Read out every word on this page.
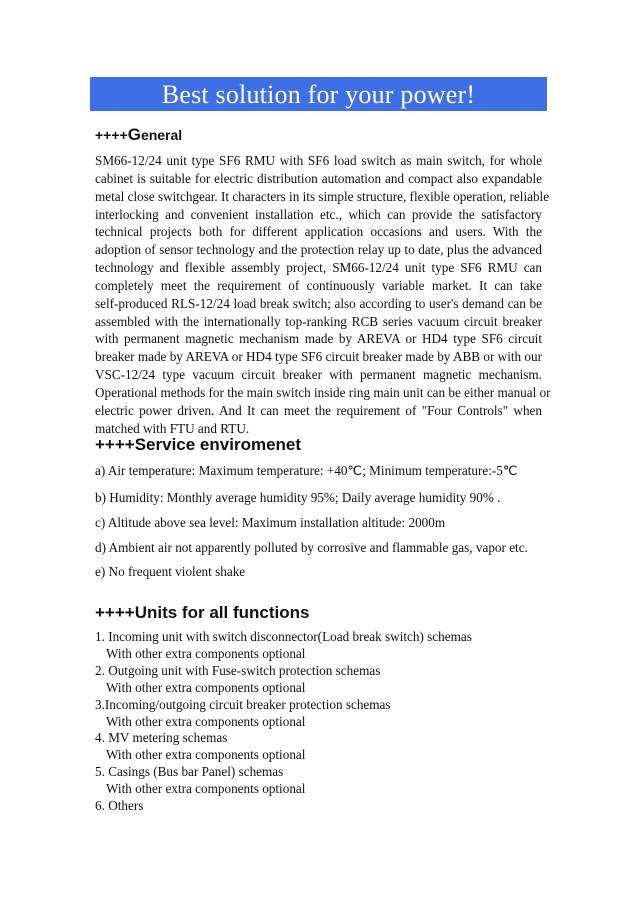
Best solution for your power!
++++General
SM66-12/24 unit type SF6 RMU with SF6 load switch as main switch, for whole
cabinet is suitable for electric distribution automation and compact also expandable
metal close switchgear. It characters in its simple structure, flexible operation, reliable
interlocking and convenient installation etc., which can provide the satisfactory
technical projects both for different application occasions and users. With the
adoption of sensor technology and the protection relay up to date, plus the advanced
technology and flexible assembly project, SM66-12/24 unit type SF6 RMU can
completely meet the requirement of continuously variable market. It can take
self-produced RLS-12/24 load break switch; also according to user's demand can be
assembled with the internationally top-ranking RCB series vacuum circuit breaker
with permanent magnetic mechanism made by AREVA or HD4 type SF6 circuit
breaker made by AREVA or HD4 type SF6 circuit breaker made by ABB or with our
VSC-12/24 type vacuum circuit breaker with permanent magnetic mechanism.
Operational methods for the main switch inside ring main unit can be either manual or
electric power driven. And It can meet the requirement of "Four Controls" when
matched with FTU and RTU.
++++Service enviromenet
a) Air temperature: Maximum temperature: +40℃; Minimum temperature:-5℃
b) Humidity: Monthly average humidity 95%; Daily average humidity 90% .
c) Altitude above sea level: Maximum installation altitude: 2000m
d) Ambient air not apparently polluted by corrosive and flammable gas, vapor etc.
e) No frequent violent shake
++++Units for all functions
1. Incoming unit with switch disconnector(Load break switch) schemas
With other extra components optional
2. Outgoing unit with Fuse-switch protection schemas
With other extra components optional
3.Incoming/outgoing circuit breaker protection schemas
With other extra components optional
4. MV metering schemas
With other extra components optional
5. Casings (Bus bar Panel) schemas
With other extra components optional
6. Others
